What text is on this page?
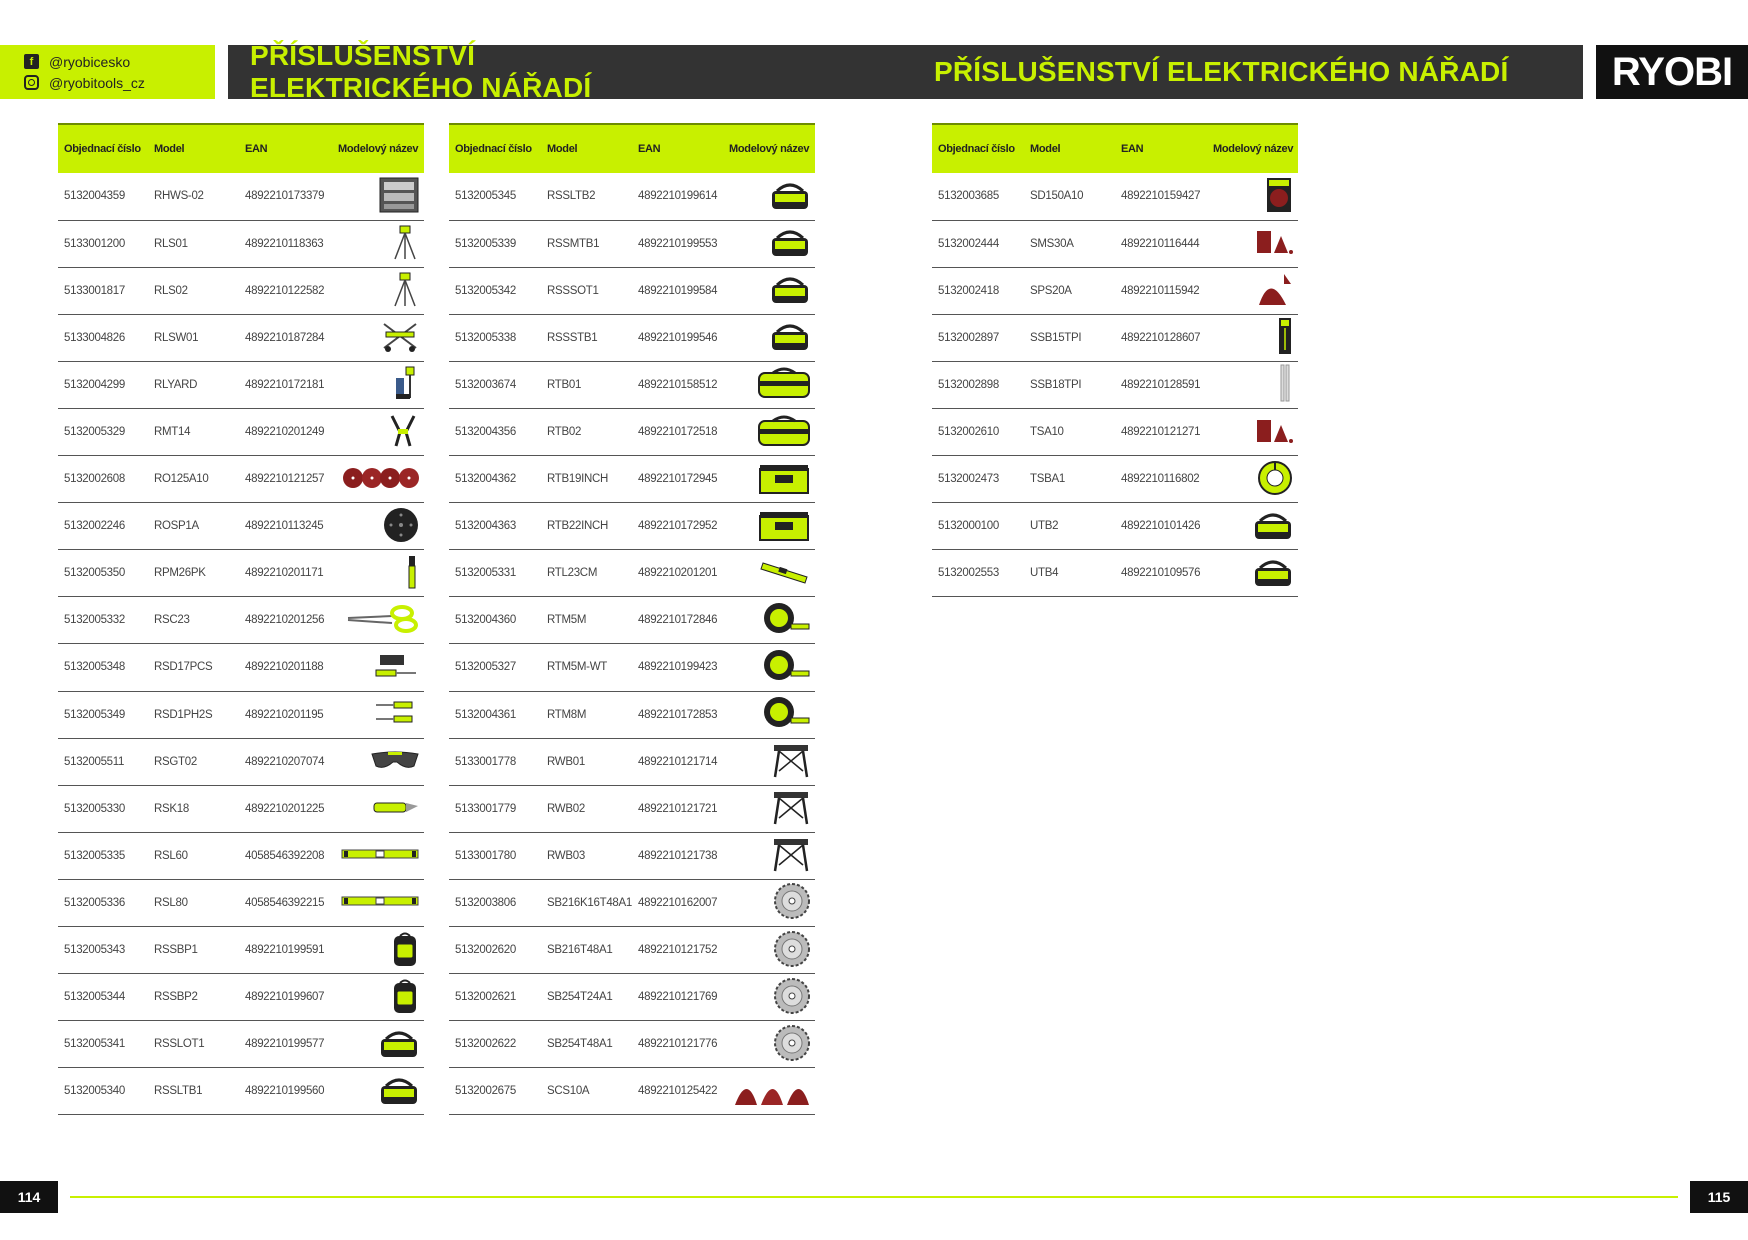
f	@ryobicesko
@ryobitools_cz
PŘÍSLUŠENSTVÍ ELEKTRICKÉHO NÁŘADÍ
PŘÍSLUŠENSTVÍ ELEKTRICKÉHO NÁŘADÍ	RYOBI
Objednací číslo	Model	EAN	Modelový název
5132004359	RHWS-02	4892210173379	
5133001200	RLS01	4892210118363	
5133001817	RLS02	4892210122582	
5133004826	RLSW01	4892210187284	
5132004299	RLYARD	4892210172181	
5132005329	RMT14	4892210201249	
5132002608	RO125A10	4892210121257	
5132002246	ROSP1A	4892210113245	
5132005350	RPM26PK	4892210201171	
5132005332	RSC23	4892210201256	
5132005348	RSD17PCS	4892210201188	
5132005349	RSD1PH2S	4892210201195	
5132005511	RSGT02	4892210207074	
5132005330	RSK18	4892210201225	
5132005335	RSL60	4058546392208	
5132005336	RSL80	4058546392215	
5132005343	RSSBP1	4892210199591	
5132005344	RSSBP2	4892210199607	
5132005341	RSSLOT1	4892210199577	
5132005340	RSSLTB1	4892210199560	
Objednací číslo	Model	EAN	Modelový název
5132005345	RSSLTB2	4892210199614	
5132005339	RSSMTB1	4892210199553	
5132005342	RSSSOT1	4892210199584	
5132005338	RSSSTB1	4892210199546	
5132003674	RTB01	4892210158512	
5132004356	RTB02	4892210172518	
5132004362	RTB19INCH	4892210172945	
5132004363	RTB22INCH	4892210172952	
5132005331	RTL23CM	4892210201201	
5132004360	RTM5M	4892210172846	
5132005327	RTM5M-WT	4892210199423	
5132004361	RTM8M	4892210172853	
5133001778	RWB01	4892210121714	
5133001779	RWB02	4892210121721	
5133001780	RWB03	4892210121738	
5132003806	SB216K16T48A1	4892210162007	
5132002620	SB216T48A1	4892210121752	
5132002621	SB254T24A1	4892210121769	
5132002622	SB254T48A1	4892210121776	
5132002675	SCS10A	4892210125422	
Objednací číslo	Model	EAN	Modelový název
5132003685	SD150A10	4892210159427	
5132002444	SMS30A	4892210116444	
5132002418	SPS20A	4892210115942	
5132002897	SSB15TPI	4892210128607	
5132002898	SSB18TPI	4892210128591	
5132002610	TSA10	4892210121271	
5132002473	TSBA1	4892210116802	
5132000100	UTB2	4892210101426	
5132002553	UTB4	4892210109576	
114	115
